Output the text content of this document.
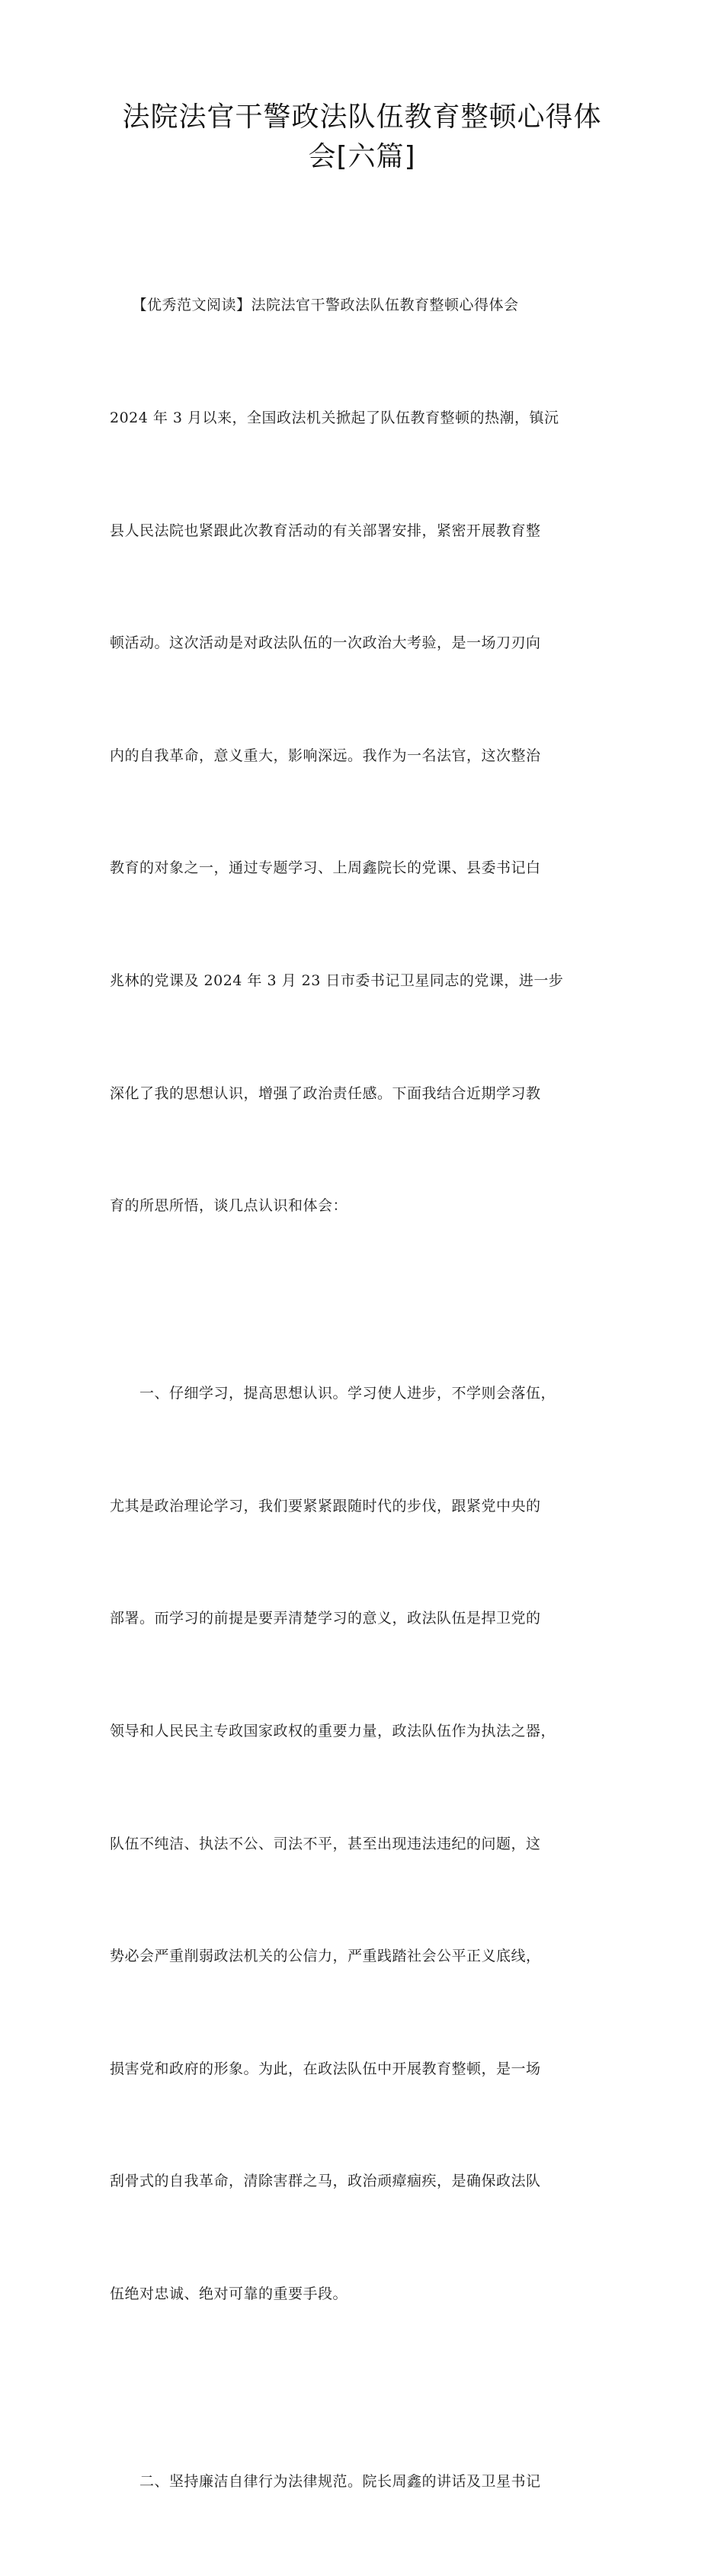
法院法官干警政法队伍教育整顿心得体
会[六篇]

　　【优秀范文阅读】法院法官干警政法队伍教育整顿心得体会

2024 年 3 月以来，全国政法机关掀起了队伍教育整顿的热潮，镇沅

县人民法院也紧跟此次教育活动的有关部署安排，紧密开展教育整

顿活动。这次活动是对政法队伍的一次政治大考验，是一场刀刃向

内的自我革命，意义重大，影响深远。我作为一名法官，这次整治

教育的对象之一，通过专题学习、上周鑫院长的党课、县委书记白

兆林的党课及 2024 年 3 月 23 日市委书记卫星同志的党课，进一步

深化了我的思想认识，增强了政治责任感。下面我结合近期学习教

育的所思所悟，谈几点认识和体会：

　　一、仔细学习，提高思想认识。学习使人进步，不学则会落伍，

尤其是政治理论学习，我们要紧紧跟随时代的步伐，跟紧党中央的

部署。而学习的前提是要弄清楚学习的意义，政法队伍是捍卫党的

领导和人民民主专政国家政权的重要力量，政法队伍作为执法之器，

队伍不纯洁、执法不公、司法不平，甚至出现违法违纪的问题，这

势必会严重削弱政法机关的公信力，严重践踏社会公平正义底线，

损害党和政府的形象。为此，在政法队伍中开展教育整顿，是一场

刮骨式的自我革命，清除害群之马，政治顽瘴痼疾，是确保政法队

伍绝对忠诚、绝对可靠的重要手段。

　　二、坚持廉洁自律行为法律规范。院长周鑫的讲话及卫星书记
